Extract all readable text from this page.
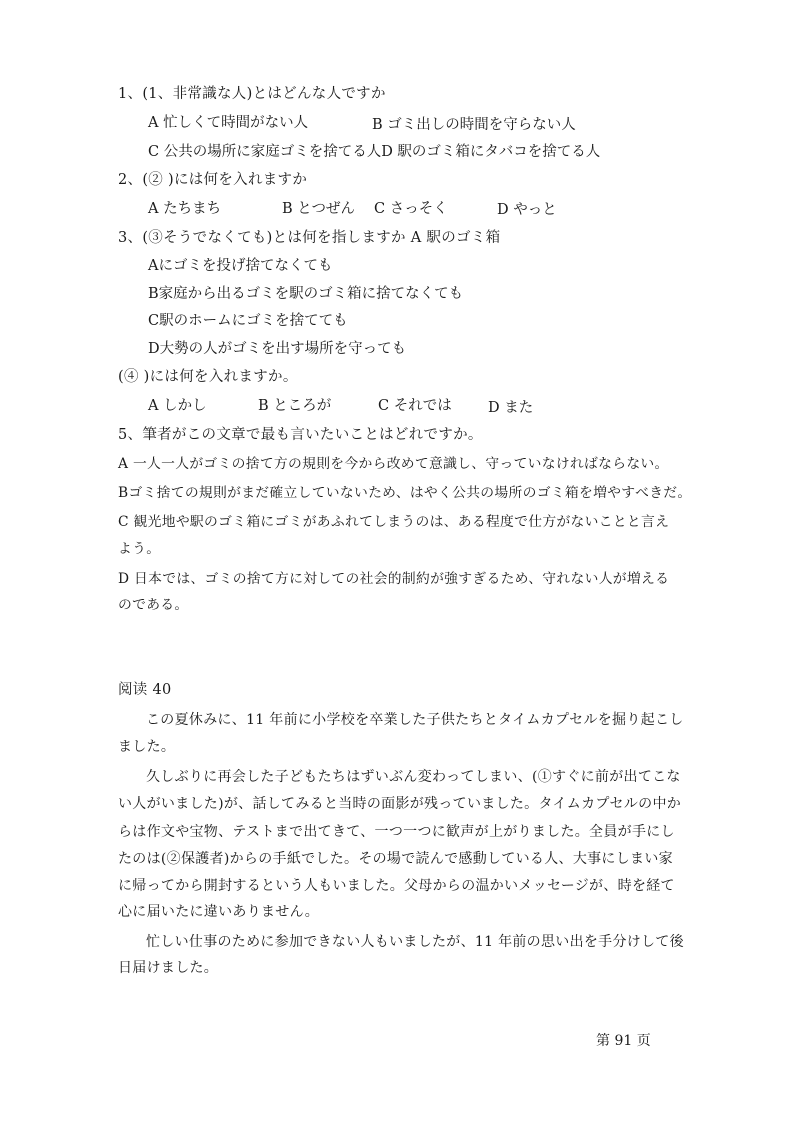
1、(1、非常識な人)とはどんな人ですか

A 忙しくて時間がない人	B ゴミ出しの時間を守らない人

C 公共の場所に家庭ゴミを捨てる人D 駅のゴミ箱にタバコを捨てる人

2、(② )には何を入れますか

A たちまち	B とつぜん C さっそく	D やっと

3、(③そうでなくても)とは何を指しますか A 駅のゴミ箱

Aにゴミを投げ捨てなくても

B家庭から出るゴミを駅のゴミ箱に捨てなくても

C駅のホームにゴミを捨てても

D大勢の人がゴミを出す場所を守っても

(④ )には何を入れますか。

A しかし	B ところが	C それでは	D また

5、筆者がこの文章で最も言いたいことはどれですか。

A 一人一人がゴミの捨て方の規則を今から改めて意識し、守っていなければならない。

Bゴミ捨ての規則がまだ確立していないため、はやく公共の場所のゴミ箱を増やすべきだ。

C 観光地や駅のゴミ箱にゴミがあふれてしまうのは、ある程度で仕方がないことと言え

よう。

D 日本では、ゴミの捨て方に対しての社会的制約が強すぎるため、守れない人が増える

のである。

阅读 40

この夏休みに、11 年前に小学校を卒業した子供たちとタイムカプセルを掘り起こし

ました。

久しぶりに再会した子どもたちはずいぶん変わってしまい、(①すぐに前が出てこな

い人がいました)が、話してみると当時の面影が残っていました。タイムカプセルの中か

らは作文や宝物、テストまで出てきて、一つ一つに歓声が上がりました。全員が手にし

たのは(②保護者)からの手紙でした。その場で読んで感動している人、大事にしまい家

に帰ってから開封するという人もいました。父母からの温かいメッセージが、時を経て

心に届いたに違いありません。

忙しい仕事のために参加できない人もいましたが、11 年前の思い出を手分けして後

日届けました。

第 91 页
